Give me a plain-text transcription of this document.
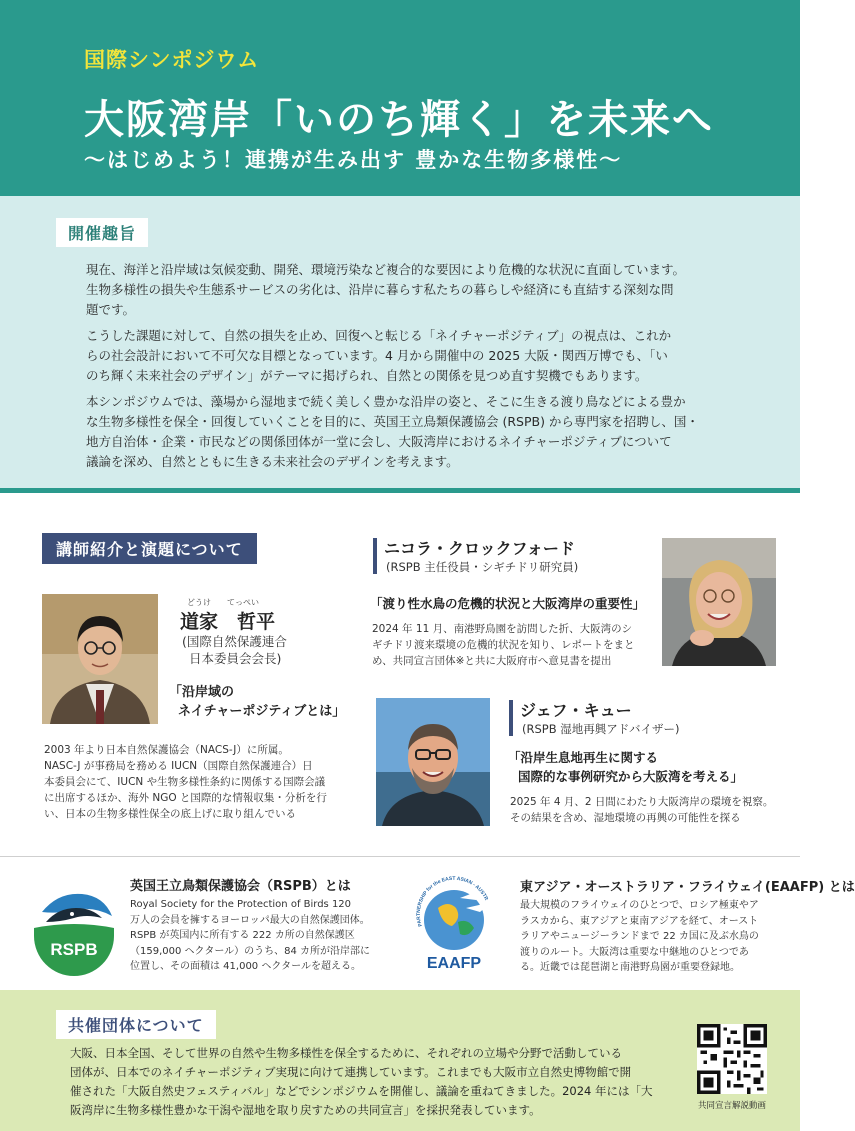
国際シンポジウム
大阪湾岸「いのち輝く」を未来へ
〜はじめよう！連携が生み出す 豊かな生物多様性〜
開催趣旨

現在、海洋と沿岸域は気候変動、開発、環境汚染など複合的な要因により危機的な状況に直面しています。
生物多様性の損失や生態系サービスの劣化は、沿岸に暮らす私たちの暮らしや経済にも直結する深刻な問
題です。

こうした課題に対して、自然の損失を止め、回復へと転じる「ネイチャーポジティブ」の視点は、これか
らの社会設計において不可欠な目標となっています。4 月から開催中の 2025 大阪・関西万博でも、「い
のち輝く未来社会のデザイン」がテーマに掲げられ、自然との関係を見つめ直す契機でもあります。

本シンポジウムでは、藻場から湿地まで続く美しく豊かな沿岸の姿と、そこに生きる渡り鳥などによる豊か
な生物多様性を保全・回復していくことを目的に、英国王立鳥類保護協会 (RSPB) から専門家を招聘し、国・
地方自治体・企業・市民などの関係団体が一堂に会し、大阪湾岸におけるネイチャーポジティブについて
議論を深め、自然とともに生きる未来社会のデザインを考えます。

講師紹介と演題について
どうけ てっぺい
道家　哲平
(国際自然保護連合
日本委員会会長)
「沿岸域の
ネイチャーポジティブとは」
2003 年より日本自然保護協会（NACS-J）に所属。
NASC-J が事務局を務める IUCN（国際自然保護連合）日
本委員会にて、IUCN や生物多様性条約に関係する国際会議
に出席するほか、海外 NGO と国際的な情報収集・分析を行
い、日本の生物多様性保全の底上げに取り組んでいる
ニコラ・クロックフォード
(RSPB 主任役員・シギチドリ研究員)
「渡り性水鳥の危機的状況と大阪湾岸の重要性」
2024 年 11 月、南港野鳥園を訪問した折、大阪湾のシ
ギチドリ渡来環境の危機的状況を知り、レポートをまと
め、共同宣言団体※と共に大阪府市へ意見書を提出
ジェフ・キュー
(RSPB 湿地再興アドバイザー)
「沿岸生息地再生に関する
国際的な事例研究から大阪湾を考える」
2025 年 4 月、2 日間にわたり大阪湾岸の環境を視察。
その結果を含め、湿地環境の再興の可能性を探る
RSPB
英国王立鳥類保護協会（RSPB）とは
Royal Society for the Protection of Birds 120
万人の会員を擁するヨーロッパ最大の自然保護団体。
RSPB が英国内に所有する 222 カ所の自然保護区
（159,000 ヘクタール）のうち、84 カ所が沿岸部に
位置し、その面積は 41,000 ヘクタールを超える。
PARTNERSHIP for the EAST ASIAN - AUSTR
EAAFP
東アジア・オーストラリア・フライウェイ(EAAFP) とは
最大規模のフライウェイのひとつで、ロシア極東やア
ラスカから、東アジアと東南アジアを経て、オースト
ラリアやニュージーランドまで 22 カ国に及ぶ水鳥の
渡りのルート。大阪湾は重要な中継地のひとつであ
る。近畿では琵琶湖と南港野鳥園が重要登録地。
共催団体について
大阪、日本全国、そして世界の自然や生物多様性を保全するために、それぞれの立場や分野で活動している
団体が、日本でのネイチャーポジティブ実現に向けて連携しています。これまでも大阪市立自然史博物館で開
催された「大阪自然史フェスティバル」などでシンポジウムを開催し、議論を重ねてきました。2024 年には「大
阪湾岸に生物多様性豊かな干潟や湿地を取り戻すための共同宣言」を採択発表しています。	共同宣言解説動画
